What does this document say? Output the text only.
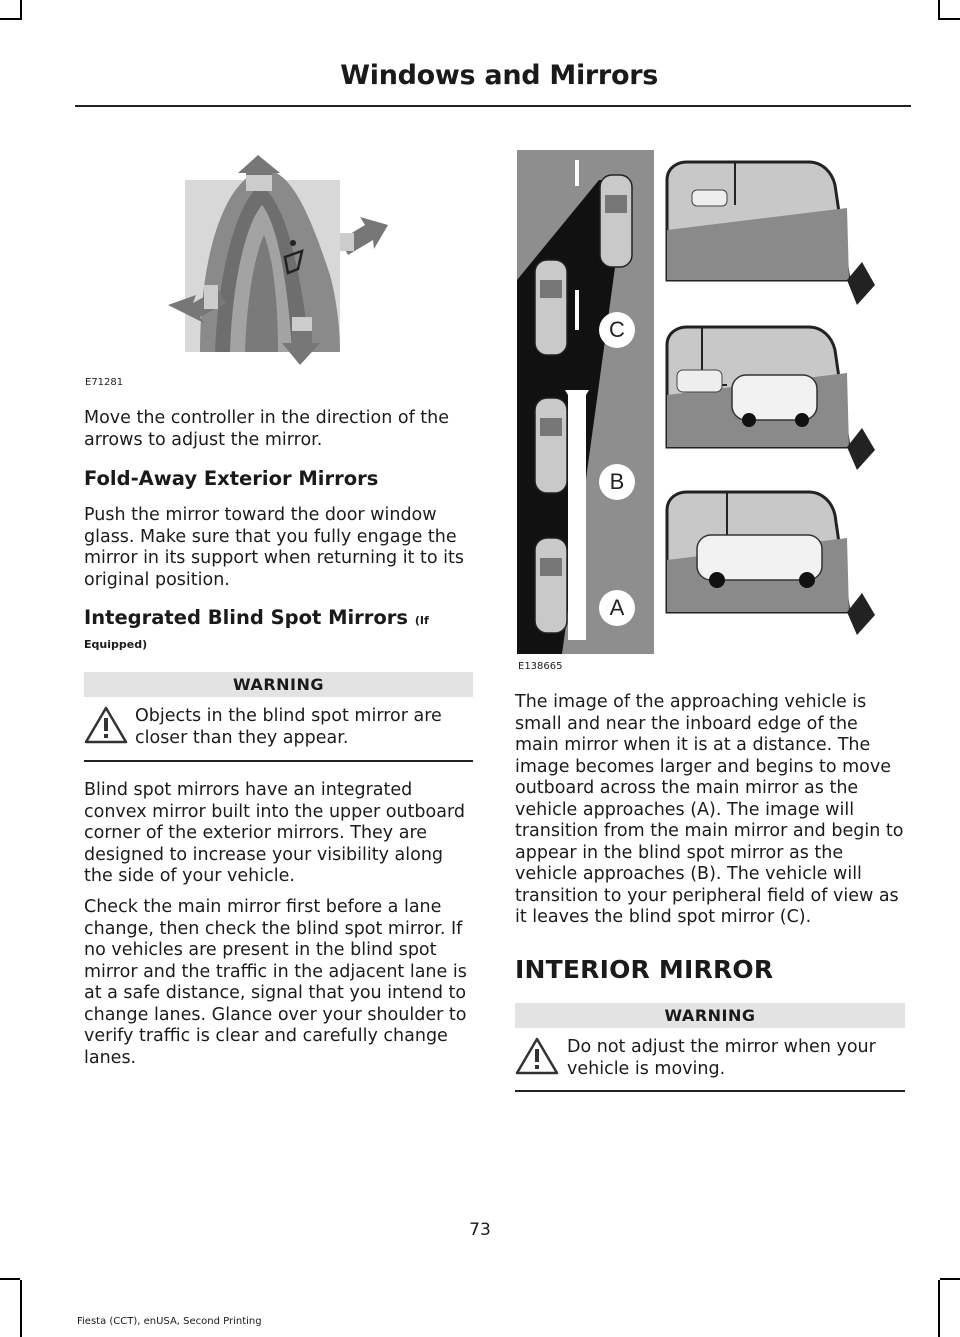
Windows and Mirrors
E71281

Move the controller in the direction of the arrows to adjust the mirror.

Fold-Away Exterior Mirrors

Push the mirror toward the door window glass. Make sure that you fully engage the mirror in its support when returning it to its original position.

Integrated Blind Spot Mirrors (If
Equipped)
WARNING

Objects in the blind spot mirror are closer than they appear.

Blind spot mirrors have an integrated convex mirror built into the upper outboard corner of the exterior mirrors. They are designed to increase your visibility along the side of your vehicle.

Check the main mirror first before a lane change, then check the blind spot mirror. If no vehicles are present in the blind spot mirror and the traffic in the adjacent lane is at a safe distance, signal that you intend to change lanes. Glance over your shoulder to verify traffic is clear and carefully change lanes.

C
B
A
E138665

The image of the approaching vehicle is small and near the inboard edge of the main mirror when it is at a distance. The image becomes larger and begins to move outboard across the main mirror as the vehicle approaches (A). The image will transition from the main mirror and begin to appear in the blind spot mirror as the vehicle approaches (B). The vehicle will transition to your peripheral field of view as it leaves the blind spot mirror (C).

INTERIOR MIRROR
WARNING

Do not adjust the mirror when your vehicle is moving.

73
Fiesta (CCT), enUSA, Second Printing
